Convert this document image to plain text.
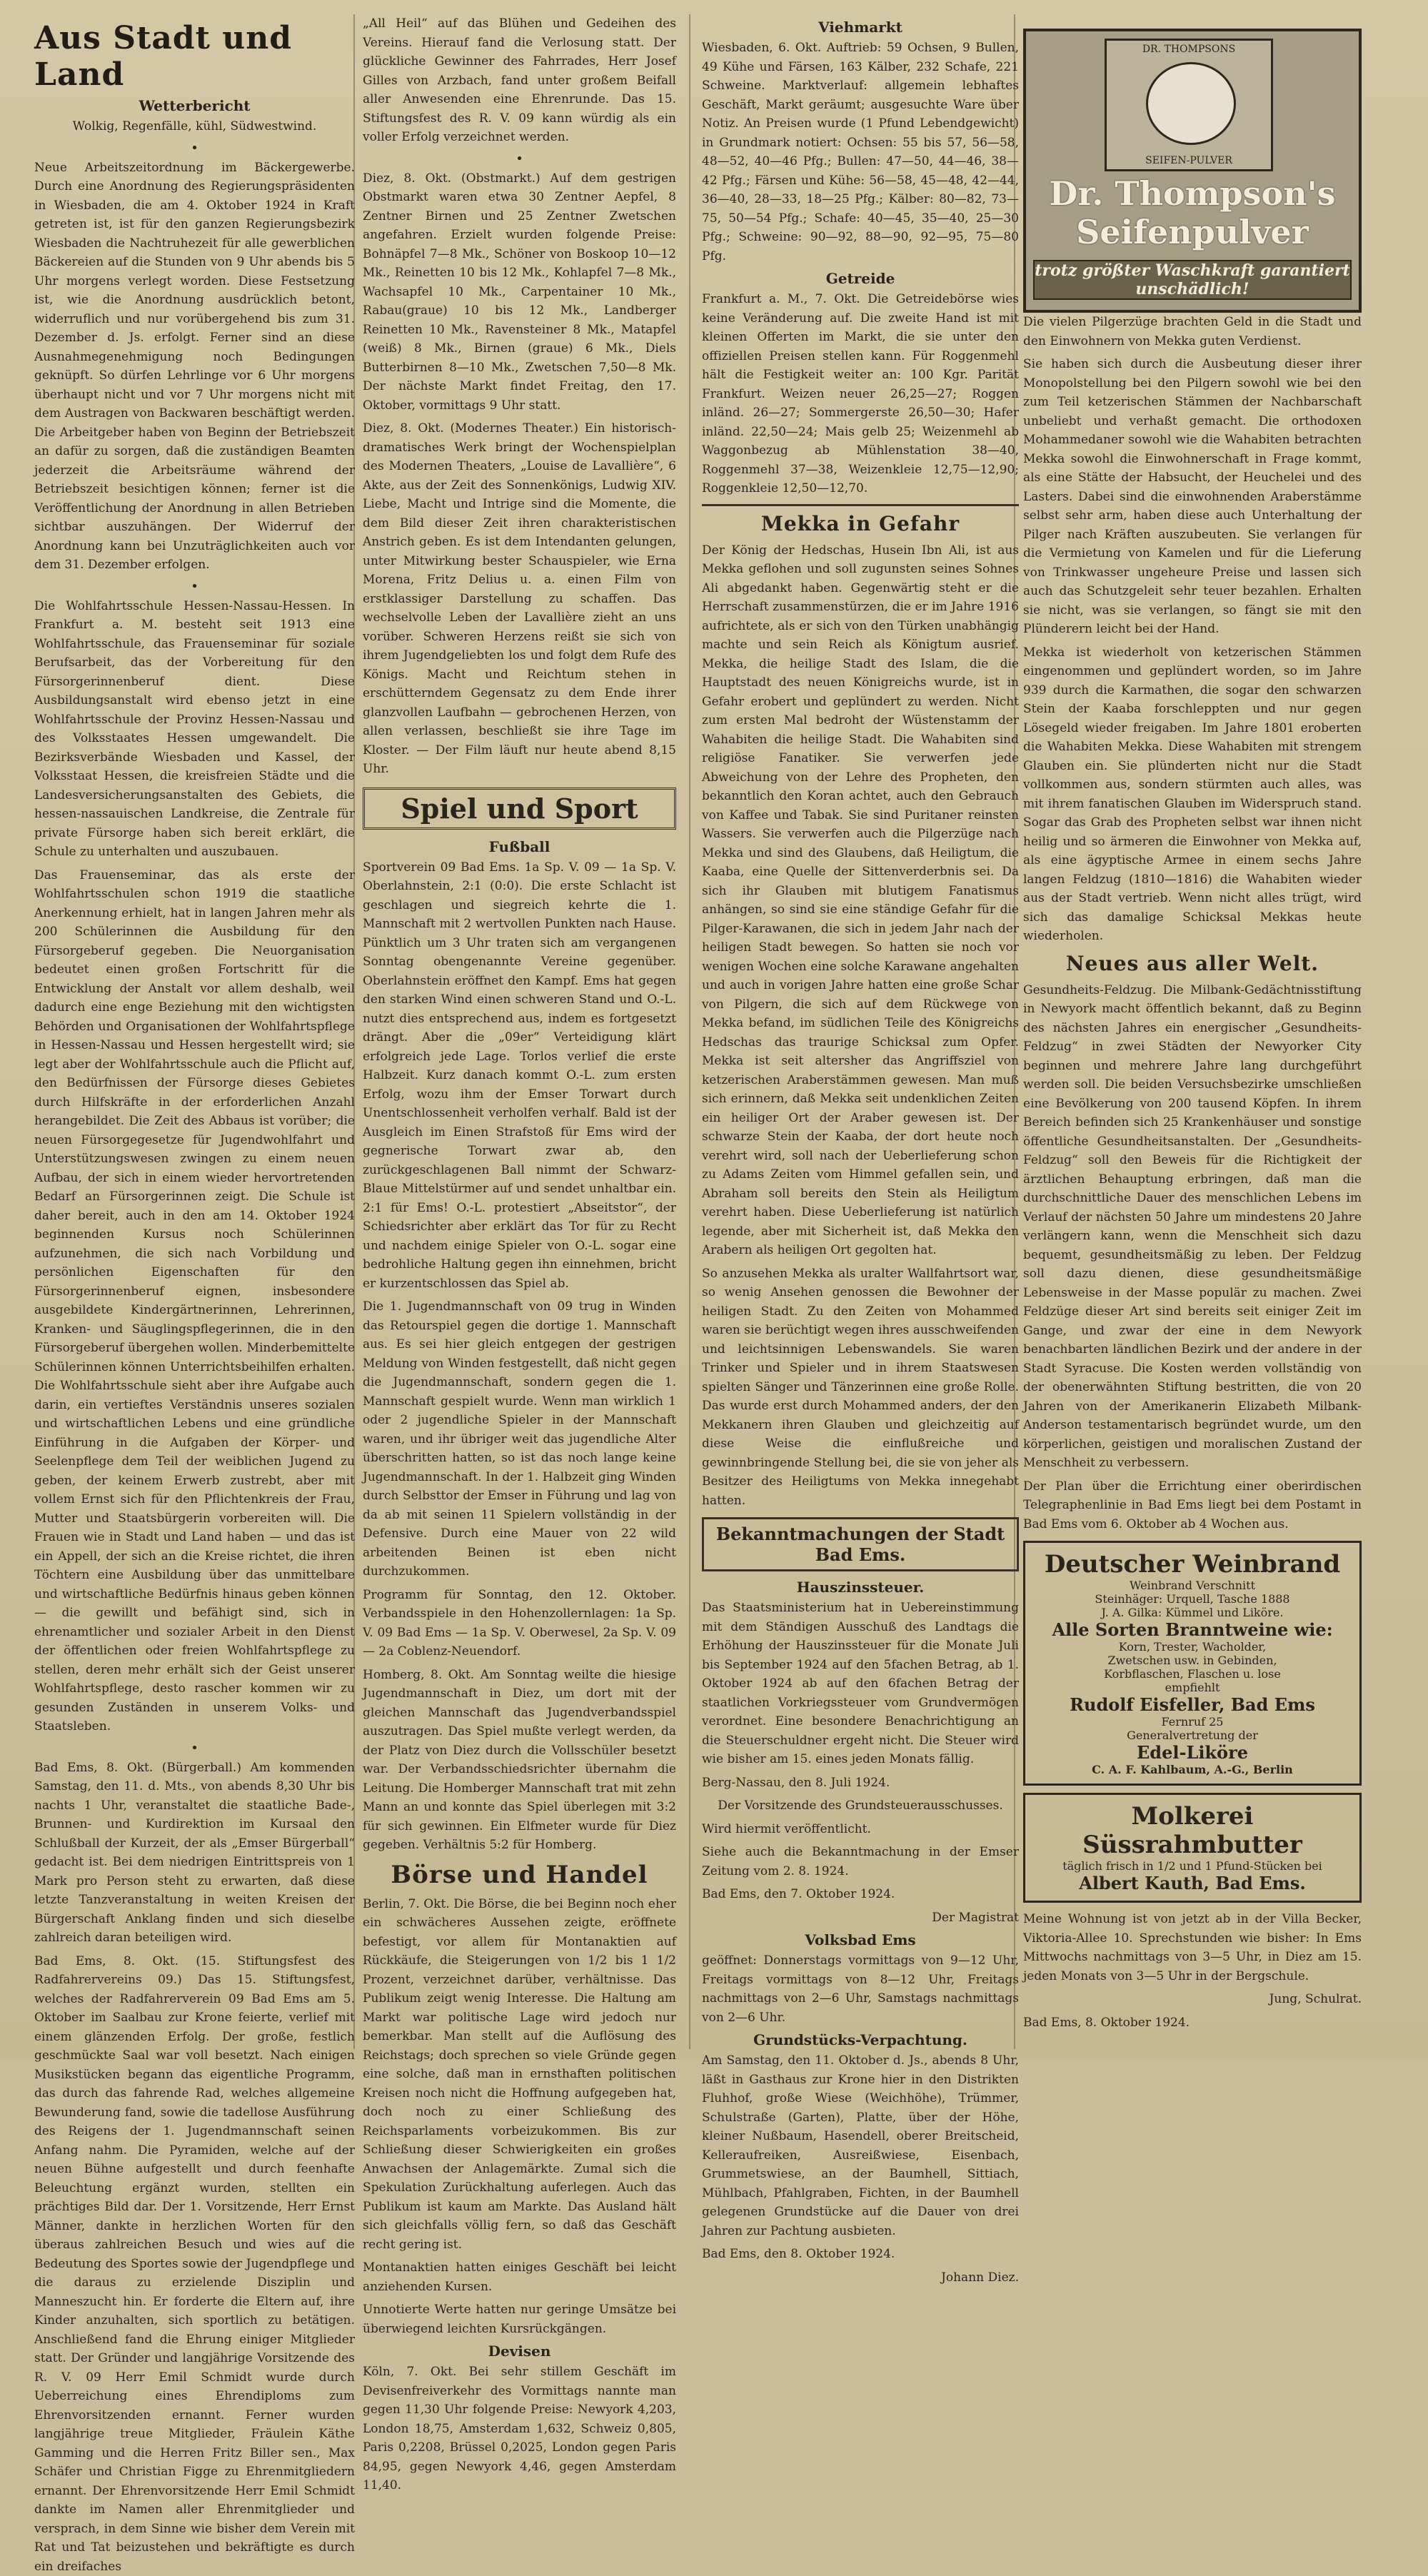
Aus Stadt und Land
Wetterbericht

Wolkig, Regenfälle, kühl, Südwestwind.

•

Neue Arbeitszeitordnung im Bäckergewerbe. Durch eine Anordnung des Regierungspräsidenten in Wiesbaden, die am 4. Oktober 1924 in Kraft getreten ist, ist für den ganzen Regierungsbezirk Wiesbaden die Nachtruhezeit für alle gewerblichen Bäckereien auf die Stunden von 9 Uhr abends bis 5 Uhr morgens verlegt worden. Diese Festsetzung ist, wie die Anordnung ausdrücklich betont, widerruflich und nur vorübergehend bis zum 31. Dezember d. Js. erfolgt. Ferner sind an diese Ausnahmegenehmigung noch Bedingungen geknüpft. So dürfen Lehrlinge vor 6 Uhr morgens überhaupt nicht und vor 7 Uhr morgens nicht mit dem Austragen von Backwaren beschäftigt werden. Die Arbeitgeber haben von Beginn der Betriebszeit an dafür zu sorgen, daß die zuständigen Beamten jederzeit die Arbeitsräume während der Betriebszeit besichtigen können; ferner ist die Veröffentlichung der Anordnung in allen Betrieben sichtbar auszuhängen. Der Widerruf der Anordnung kann bei Unzuträglichkeiten auch vor dem 31. Dezember erfolgen.

•

Die Wohlfahrtsschule Hessen-Nassau-Hessen. In Frankfurt a. M. besteht seit 1913 eine Wohlfahrtsschule, das Frauenseminar für soziale Berufsarbeit, das der Vorbereitung für den Fürsorgerinnenberuf dient. Diese Ausbildungsanstalt wird ebenso jetzt in eine Wohlfahrtsschule der Provinz Hessen-Nassau und des Volksstaates Hessen umgewandelt. Die Bezirksverbände Wiesbaden und Kassel, der Volksstaat Hessen, die kreisfreien Städte und die Landesversicherungsanstalten des Gebiets, die hessen-nassauischen Landkreise, die Zentrale für private Fürsorge haben sich bereit erklärt, die Schule zu unterhalten und auszubauen.

Das Frauenseminar, das als erste der Wohlfahrtsschulen schon 1919 die staatliche Anerkennung erhielt, hat in langen Jahren mehr als 200 Schülerinnen die Ausbildung für den Fürsorgeberuf gegeben. Die Neuorganisation bedeutet einen großen Fortschritt für die Entwicklung der Anstalt vor allem deshalb, weil dadurch eine enge Beziehung mit den wichtigsten Behörden und Organisationen der Wohlfahrtspflege in Hessen-Nassau und Hessen hergestellt wird; sie legt aber der Wohlfahrtsschule auch die Pflicht auf, den Bedürfnissen der Fürsorge dieses Gebietes durch Hilfskräfte in der erforderlichen Anzahl herangebildet. Die Zeit des Abbaus ist vorüber; die neuen Fürsorgegesetze für Jugendwohlfahrt und Unterstützungswesen zwingen zu einem neuen Aufbau, der sich in einem wieder hervortretenden Bedarf an Fürsorgerinnen zeigt. Die Schule ist daher bereit, auch in den am 14. Oktober 1924 beginnenden Kursus noch Schülerinnen aufzunehmen, die sich nach Vorbildung und persönlichen Eigenschaften für den Fürsorgerinnenberuf eignen, insbesondere ausgebildete Kindergärtnerinnen, Lehrerinnen, Kranken- und Säuglingspflegerinnen, die in den Fürsorgeberuf übergehen wollen. Minderbemittelte Schülerinnen können Unterrichtsbeihilfen erhalten. Die Wohlfahrtsschule sieht aber ihre Aufgabe auch darin, ein vertieftes Verständnis unseres sozialen und wirtschaftlichen Lebens und eine gründliche Einführung in die Aufgaben der Körper- und Seelenpflege dem Teil der weiblichen Jugend zu geben, der keinem Erwerb zustrebt, aber mit vollem Ernst sich für den Pflichtenkreis der Frau, Mutter und Staatsbürgerin vorbereiten will. Die Frauen wie in Stadt und Land haben — und das ist ein Appell, der sich an die Kreise richtet, die ihren Töchtern eine Ausbildung über das unmittelbare und wirtschaftliche Bedürfnis hinaus geben können — die gewillt und befähigt sind, sich in ehrenamtlicher und sozialer Arbeit in den Dienst der öffentlichen oder freien Wohlfahrtspflege zu stellen, deren mehr erhält sich der Geist unserer Wohlfahrtspflege, desto rascher kommen wir zu gesunden Zuständen in unserem Volks- und Staatsleben.

•

Bad Ems, 8. Okt. (Bürgerball.) Am kommenden Samstag, den 11. d. Mts., von abends 8,30 Uhr bis nachts 1 Uhr, veranstaltet die staatliche Bade-, Brunnen- und Kurdirektion im Kursaal den Schlußball der Kurzeit, der als „Emser Bürgerball“ gedacht ist. Bei dem niedrigen Eintrittspreis von 1 Mark pro Person steht zu erwarten, daß diese letzte Tanzveranstaltung in weiten Kreisen der Bürgerschaft Anklang finden und sich dieselbe zahlreich daran beteiligen wird.

Bad Ems, 8. Okt. (15. Stiftungsfest des Radfahrervereins 09.) Das 15. Stiftungsfest, welches der Radfahrerverein 09 Bad Ems am 5. Oktober im Saalbau zur Krone feierte, verlief mit einem glänzenden Erfolg. Der große, festlich geschmückte Saal war voll besetzt. Nach einigen Musikstücken begann das eigentliche Programm, das durch das fahrende Rad, welches allgemeine Bewunderung fand, sowie die tadellose Ausführung des Reigens der 1. Jugendmannschaft seinen Anfang nahm. Die Pyramiden, welche auf der neuen Bühne aufgestellt und durch feenhafte Beleuchtung ergänzt wurden, stellten ein prächtiges Bild dar. Der 1. Vorsitzende, Herr Ernst Männer, dankte in herzlichen Worten für den überaus zahlreichen Besuch und wies auf die Bedeutung des Sportes sowie der Jugendpflege und die daraus zu erzielende Disziplin und Manneszucht hin. Er forderte die Eltern auf, ihre Kinder anzuhalten, sich sportlich zu betätigen. Anschließend fand die Ehrung einiger Mitglieder statt. Der Gründer und langjährige Vorsitzende des R. V. 09 Herr Emil Schmidt wurde durch Ueberreichung eines Ehrendiploms zum Ehrenvorsitzenden ernannt. Ferner wurden langjährige treue Mitglieder, Fräulein Käthe Gamming und die Herren Fritz Biller sen., Max Schäfer und Christian Figge zu Ehrenmitgliedern ernannt. Der Ehrenvorsitzende Herr Emil Schmidt dankte im Namen aller Ehrenmitglieder und versprach, in dem Sinne wie bisher dem Verein mit Rat und Tat beizustehen und bekräftigte es durch ein dreifaches

„All Heil“ auf das Blühen und Gedeihen des Vereins. Hierauf fand die Verlosung statt. Der glückliche Gewinner des Fahrrades, Herr Josef Gilles von Arzbach, fand unter großem Beifall aller Anwesenden eine Ehrenrunde. Das 15. Stiftungsfest des R. V. 09 kann würdig als ein voller Erfolg verzeichnet werden.

•

Diez, 8. Okt. (Obstmarkt.) Auf dem gestrigen Obstmarkt waren etwa 30 Zentner Aepfel, 8 Zentner Birnen und 25 Zentner Zwetschen angefahren. Erzielt wurden folgende Preise: Bohnäpfel 7—8 Mk., Schöner von Boskoop 10—12 Mk., Reinetten 10 bis 12 Mk., Kohlapfel 7—8 Mk., Wachsapfel 10 Mk., Carpentainer 10 Mk., Rabau(graue) 10 bis 12 Mk., Landberger Reinetten 10 Mk., Ravensteiner 8 Mk., Matapfel (weiß) 8 Mk., Birnen (graue) 6 Mk., Diels Butterbirnen 8—10 Mk., Zwetschen 7,50—8 Mk. Der nächste Markt findet Freitag, den 17. Oktober, vormittags 9 Uhr statt.

Diez, 8. Okt. (Modernes Theater.) Ein historisch-dramatisches Werk bringt der Wochenspielplan des Modernen Theaters, „Louise de Lavallière“, 6 Akte, aus der Zeit des Sonnenkönigs, Ludwig XIV. Liebe, Macht und Intrige sind die Momente, die dem Bild dieser Zeit ihren charakteristischen Anstrich geben. Es ist dem Intendanten gelungen, unter Mitwirkung bester Schauspieler, wie Erna Morena, Fritz Delius u. a. einen Film von erstklassiger Darstellung zu schaffen. Das wechselvolle Leben der Lavallière zieht an uns vorüber. Schweren Herzens reißt sie sich von ihrem Jugendgeliebten los und folgt dem Rufe des Königs. Macht und Reichtum stehen in erschütterndem Gegensatz zu dem Ende ihrer glanzvollen Laufbahn — gebrochenen Herzen, von allen verlassen, beschließt sie ihre Tage im Kloster. — Der Film läuft nur heute abend 8,15 Uhr.

Spiel und Sport
Fußball

Sportverein 09 Bad Ems. 1a Sp. V. 09 — 1a Sp. V. Oberlahnstein, 2:1 (0:0). Die erste Schlacht ist geschlagen und siegreich kehrte die 1. Mannschaft mit 2 wertvollen Punkten nach Hause. Pünktlich um 3 Uhr traten sich am vergangenen Sonntag obengenannte Vereine gegenüber. Oberlahnstein eröffnet den Kampf. Ems hat gegen den starken Wind einen schweren Stand und O.-L. nutzt dies entsprechend aus, indem es fortgesetzt drängt. Aber die „09er“ Verteidigung klärt erfolgreich jede Lage. Torlos verlief die erste Halbzeit. Kurz danach kommt O.-L. zum ersten Erfolg, wozu ihm der Emser Torwart durch Unentschlossenheit verholfen verhalf. Bald ist der Ausgleich im Einen Strafstoß für Ems wird der gegnerische Torwart zwar ab, den zurückgeschlagenen Ball nimmt der Schwarz-Blaue Mittelstürmer auf und sendet unhaltbar ein. 2:1 für Ems! O.-L. protestiert „Abseitstor“, der Schiedsrichter aber erklärt das Tor für zu Recht und nachdem einige Spieler von O.-L. sogar eine bedrohliche Haltung gegen ihn einnehmen, bricht er kurzentschlossen das Spiel ab.

Die 1. Jugendmannschaft von 09 trug in Winden das Retourspiel gegen die dortige 1. Mannschaft aus. Es sei hier gleich entgegen der gestrigen Meldung von Winden festgestellt, daß nicht gegen die Jugendmannschaft, sondern gegen die 1. Mannschaft gespielt wurde. Wenn man wirklich 1 oder 2 jugendliche Spieler in der Mannschaft waren, und ihr übriger weit das jugendliche Alter überschritten hatten, so ist das noch lange keine Jugendmannschaft. In der 1. Halbzeit ging Winden durch Selbsttor der Emser in Führung und lag von da ab mit seinen 11 Spielern vollständig in der Defensive. Durch eine Mauer von 22 wild arbeitenden Beinen ist eben nicht durchzukommen.

Programm für Sonntag, den 12. Oktober. Verbandsspiele in den Hohenzollernlagen: 1a Sp. V. 09 Bad Ems — 1a Sp. V. Oberwesel, 2a Sp. V. 09 — 2a Coblenz-Neuendorf.

Homberg, 8. Okt. Am Sonntag weilte die hiesige Jugendmannschaft in Diez, um dort mit der gleichen Mannschaft das Jugendverbandsspiel auszutragen. Das Spiel mußte verlegt werden, da der Platz von Diez durch die Vollsschüler besetzt war. Der Verbandsschiedsrichter übernahm die Leitung. Die Homberger Mannschaft trat mit zehn Mann an und konnte das Spiel überlegen mit 3:2 für sich gewinnen. Ein Elfmeter wurde für Diez gegeben. Verhältnis 5:2 für Homberg.

Börse und Handel

Berlin, 7. Okt. Die Börse, die bei Beginn noch eher ein schwächeres Aussehen zeigte, eröffnete befestigt, vor allem für Montanaktien auf Rückkäufe, die Steigerungen von 1/2 bis 1 1/2 Prozent, verzeichnet darüber, verhältnisse. Das Publikum zeigt wenig Interesse. Die Haltung am Markt war politische Lage wird jedoch nur bemerkbar. Man stellt auf die Auflösung des Reichstags; doch sprechen so viele Gründe gegen eine solche, daß man in ernsthaften politischen Kreisen noch nicht die Hoffnung aufgegeben hat, doch noch zu einer Schließung des Reichsparlaments vorbeizukommen. Bis zur Schließung dieser Schwierigkeiten ein großes Anwachsen der Anlagemärkte. Zumal sich die Spekulation Zurückhaltung auferlegen. Auch das Publikum ist kaum am Markte. Das Ausland hält sich gleichfalls völlig fern, so daß das Geschäft recht gering ist.

Montanaktien hatten einiges Geschäft bei leicht anziehenden Kursen.

Unnotierte Werte hatten nur geringe Umsätze bei überwiegend leichten Kursrückgängen.

Devisen

Köln, 7. Okt. Bei sehr stillem Geschäft im Devisenfreiverkehr des Vormittags nannte man gegen 11,30 Uhr folgende Preise: Newyork 4,203, London 18,75, Amsterdam 1,632, Schweiz 0,805, Paris 0,2208, Brüssel 0,2025, London gegen Paris 84,95, gegen Newyork 4,46, gegen Amsterdam 11,40.

Viehmarkt

Wiesbaden, 6. Okt. Auftrieb: 59 Ochsen, 9 Bullen, 49 Kühe und Färsen, 163 Kälber, 232 Schafe, 221 Schweine. Marktverlauf: allgemein lebhaftes Geschäft, Markt geräumt; ausgesuchte Ware über Notiz. An Preisen wurde (1 Pfund Lebendgewicht) in Grundmark notiert: Ochsen: 55 bis 57, 56—58, 48—52, 40—46 Pfg.; Bullen: 47—50, 44—46, 38—42 Pfg.; Färsen und Kühe: 56—58, 45—48, 42—44, 36—40, 28—33, 18—25 Pfg.; Kälber: 80—82, 73—75, 50—54 Pfg.; Schafe: 40—45, 35—40, 25—30 Pfg.; Schweine: 90—92, 88—90, 92—95, 75—80 Pfg.

Getreide

Frankfurt a. M., 7. Okt. Die Getreidebörse wies keine Veränderung auf. Die zweite Hand ist mit kleinen Offerten im Markt, die sie unter den offiziellen Preisen stellen kann. Für Roggenmehl hält die Festigkeit weiter an: 100 Kgr. Parität Frankfurt. Weizen neuer 26,25—27; Roggen inländ. 26—27; Sommergerste 26,50—30; Hafer inländ. 22,50—24; Mais gelb 25; Weizenmehl ab Waggonbezug ab Mühlenstation 38—40, Roggenmehl 37—38, Weizenkleie 12,75—12,90; Roggenkleie 12,50—12,70.

Mekka in Gefahr

Der König der Hedschas, Husein Ibn Ali, ist aus Mekka geflohen und soll zugunsten seines Sohnes Ali abgedankt haben. Gegenwärtig steht er die Herrschaft zusammenstürzen, die er im Jahre 1916 aufrichtete, als er sich von den Türken unabhängig machte und sein Reich als Königtum ausrief. Mekka, die heilige Stadt des Islam, die die Hauptstadt des neuen Königreichs wurde, ist in Gefahr erobert und geplündert zu werden. Nicht zum ersten Mal bedroht der Wüstenstamm der Wahabiten die heilige Stadt. Die Wahabiten sind religiöse Fanatiker. Sie verwerfen jede Abweichung von der Lehre des Propheten, den bekanntlich den Koran achtet, auch den Gebrauch von Kaffee und Tabak. Sie sind Puritaner reinsten Wassers. Sie verwerfen auch die Pilgerzüge nach Mekka und sind des Glaubens, daß Heiligtum, die Kaaba, eine Quelle der Sittenverderbnis sei. Da sich ihr Glauben mit blutigem Fanatismus anhängen, so sind sie eine ständige Gefahr für die Pilger-Karawanen, die sich in jedem Jahr nach der heiligen Stadt bewegen. So hatten sie noch vor wenigen Wochen eine solche Karawane angehalten und auch in vorigen Jahre hatten eine große Schar von Pilgern, die sich auf dem Rückwege von Mekka befand, im südlichen Teile des Königreichs Hedschas das traurige Schicksal zum Opfer. Mekka ist seit altersher das Angriffsziel von ketzerischen Araberstämmen gewesen. Man muß sich erinnern, daß Mekka seit undenklichen Zeiten ein heiliger Ort der Araber gewesen ist. Der schwarze Stein der Kaaba, der dort heute noch verehrt wird, soll nach der Ueberlieferung schon zu Adams Zeiten vom Himmel gefallen sein, und Abraham soll bereits den Stein als Heiligtum verehrt haben. Diese Ueberlieferung ist natürlich legende, aber mit Sicherheit ist, daß Mekka den Arabern als heiligen Ort gegolten hat.

So anzusehen Mekka als uralter Wallfahrtsort war, so wenig Ansehen genossen die Bewohner der heiligen Stadt. Zu den Zeiten von Mohammed waren sie berüchtigt wegen ihres ausschweifenden und leichtsinnigen Lebenswandels. Sie waren Trinker und Spieler und in ihrem Staatswesen spielten Sänger und Tänzerinnen eine große Rolle. Das wurde erst durch Mohammed anders, der den Mekkanern ihren Glauben und gleichzeitig auf diese Weise die einflußreiche und gewinnbringende Stellung bei, die sie von jeher als Besitzer des Heiligtums von Mekka innegehabt hatten.

Bekanntmachungen der Stadt Bad Ems.
Hauszinssteuer.

Das Staatsministerium hat in Uebereinstimmung mit dem Ständigen Ausschuß des Landtags die Erhöhung der Hauszinssteuer für die Monate Juli bis September 1924 auf den 5fachen Betrag, ab 1. Oktober 1924 ab auf den 6fachen Betrag der staatlichen Vorkriegssteuer vom Grundvermögen verordnet. Eine besondere Benachrichtigung an die Steuerschuldner ergeht nicht. Die Steuer wird wie bisher am 15. eines jeden Monats fällig.

Berg-Nassau, den 8. Juli 1924.

Der Vorsitzende des Grundsteuerausschusses.

Wird hiermit veröffentlicht.

Siehe auch die Bekanntmachung in der Emser Zeitung vom 2. 8. 1924.

Bad Ems, den 7. Oktober 1924.

Der Magistrat

Volksbad Ems

geöffnet: Donnerstags vormittags von 9—12 Uhr, Freitags vormittags von 8—12 Uhr, Freitags nachmittags von 2—6 Uhr, Samstags nachmittags von 2—6 Uhr.

Grundstücks-Verpachtung.

Am Samstag, den 11. Oktober d. Js., abends 8 Uhr, läßt in Gasthaus zur Krone hier in den Distrikten Fluhhof, große Wiese (Weichhöhe), Trümmer, Schulstraße (Garten), Platte, über der Höhe, kleiner Nußbaum, Hasendell, oberer Breitscheid, Kelleraufreiken, Ausreißwiese, Eisenbach, Grummetswiese, an der Baumhell, Sittiach, Mühlbach, Pfahlgraben, Fichten, in der Baumhell gelegenen Grundstücke auf die Dauer von drei Jahren zur Pachtung ausbieten.

Bad Ems, den 8. Oktober 1924.

Johann Diez.

DR. THOMPSONS
SEIFEN-PULVER
Dr. Thompson's Seifenpulver
trotz größter Waschkraft garantiert unschädlich!

Die vielen Pilgerzüge brachten Geld in die Stadt und den Einwohnern von Mekka guten Verdienst.

Sie haben sich durch die Ausbeutung dieser ihrer Monopolstellung bei den Pilgern sowohl wie bei den zum Teil ketzerischen Stämmen der Nachbarschaft unbeliebt und verhaßt gemacht. Die orthodoxen Mohammedaner sowohl wie die Wahabiten betrachten Mekka sowohl die Einwohnerschaft in Frage kommt, als eine Stätte der Habsucht, der Heuchelei und des Lasters. Dabei sind die einwohnenden Araberstämme selbst sehr arm, haben diese auch Unterhaltung der Pilger nach Kräften auszubeuten. Sie verlangen für die Vermietung von Kamelen und für die Lieferung von Trinkwasser ungeheure Preise und lassen sich auch das Schutzgeleit sehr teuer bezahlen. Erhalten sie nicht, was sie verlangen, so fängt sie mit den Plünderern leicht bei der Hand.

Mekka ist wiederholt von ketzerischen Stämmen eingenommen und geplündert worden, so im Jahre 939 durch die Karmathen, die sogar den schwarzen Stein der Kaaba forschleppten und nur gegen Lösegeld wieder freigaben. Im Jahre 1801 eroberten die Wahabiten Mekka. Diese Wahabiten mit strengem Glauben ein. Sie plünderten nicht nur die Stadt vollkommen aus, sondern stürmten auch alles, was mit ihrem fanatischen Glauben im Widerspruch stand. Sogar das Grab des Propheten selbst war ihnen nicht heilig und so ärmeren die Einwohner von Mekka auf, als eine ägyptische Armee in einem sechs Jahre langen Feldzug (1810—1816) die Wahabiten wieder aus der Stadt vertrieb. Wenn nicht alles trügt, wird sich das damalige Schicksal Mekkas heute wiederholen.

Neues aus aller Welt.

Gesundheits-Feldzug. Die Milbank-Gedächtnisstiftung in Newyork macht öffentlich bekannt, daß zu Beginn des nächsten Jahres ein energischer „Gesundheits-Feldzug“ in zwei Städten der Newyorker City beginnen und mehrere Jahre lang durchgeführt werden soll. Die beiden Versuchsbezirke umschließen eine Bevölkerung von 200 tausend Köpfen. In ihrem Bereich befinden sich 25 Krankenhäuser und sonstige öffentliche Gesundheitsanstalten. Der „Gesundheits-Feldzug“ soll den Beweis für die Richtigkeit der ärztlichen Behauptung erbringen, daß man die durchschnittliche Dauer des menschlichen Lebens im Verlauf der nächsten 50 Jahre um mindestens 20 Jahre verlängern kann, wenn die Menschheit sich dazu bequemt, gesundheitsmäßig zu leben. Der Feldzug soll dazu dienen, diese gesundheitsmäßige Lebensweise in der Masse populär zu machen. Zwei Feldzüge dieser Art sind bereits seit einiger Zeit im Gange, und zwar der eine in dem Newyork benachbarten ländlichen Bezirk und der andere in der Stadt Syracuse. Die Kosten werden vollständig von der obenerwähnten Stiftung bestritten, die von 20 Jahren von der Amerikanerin Elizabeth Milbank-Anderson testamentarisch begründet wurde, um den körperlichen, geistigen und moralischen Zustand der Menschheit zu verbessern.

Der Plan über die Errichtung einer oberirdischen Telegraphenlinie in Bad Ems liegt bei dem Postamt in Bad Ems vom 6. Oktober ab 4 Wochen aus.

Deutscher Weinbrand
Weinbrand Verschnitt
Steinhäger: Urquell, Tasche 1888
J. A. Gilka: Kümmel und Liköre.
Alle Sorten Branntweine wie:
Korn, Trester, Wacholder,
Zwetschen usw. in Gebinden,
Korbflaschen, Flaschen u. lose
empfiehlt
Rudolf Eisfeller, Bad Ems
Fernruf 25
Generalvertretung der
Edel-Liköre
C. A. F. Kahlbaum, A.-G., Berlin
Molkerei Süssrahmbutter
täglich frisch in 1/2 und 1 Pfund-Stücken bei
Albert Kauth, Bad Ems.

Meine Wohnung ist von jetzt ab in der Villa Becker, Viktoria-Allee 10. Sprechstunden wie bisher: In Ems Mittwochs nachmittags von 3—5 Uhr, in Diez am 15. jeden Monats von 3—5 Uhr in der Bergschule.

Jung, Schulrat.

Bad Ems, 8. Oktober 1924.
